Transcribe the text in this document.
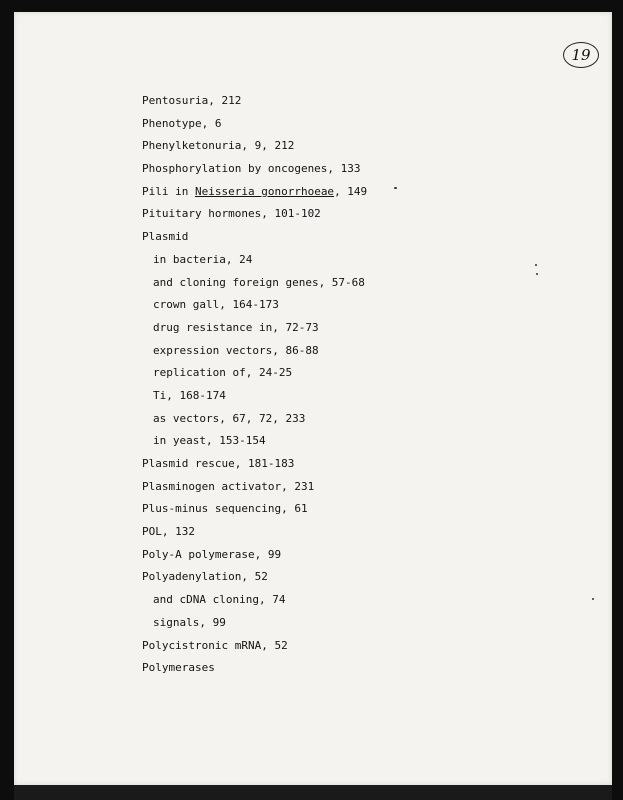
19
Pentosuria, 212
Phenotype, 6
Phenylketonuria, 9, 212
Phosphorylation by oncogenes, 133
Pili in Neisseria gonorrhoeae, 149
Pituitary hormones, 101-102
Plasmid
in bacteria, 24
and cloning foreign genes, 57-68
crown gall, 164-173
drug resistance in, 72-73
expression vectors, 86-88
replication of, 24-25
Ti, 168-174
as vectors, 67, 72, 233
in yeast, 153-154
Plasmid rescue, 181-183
Plasminogen activator, 231
Plus-minus sequencing, 61
POL, 132
Poly-A polymerase, 99
Polyadenylation, 52
and cDNA cloning, 74
signals, 99
Polycistronic mRNA, 52
Polymerases
